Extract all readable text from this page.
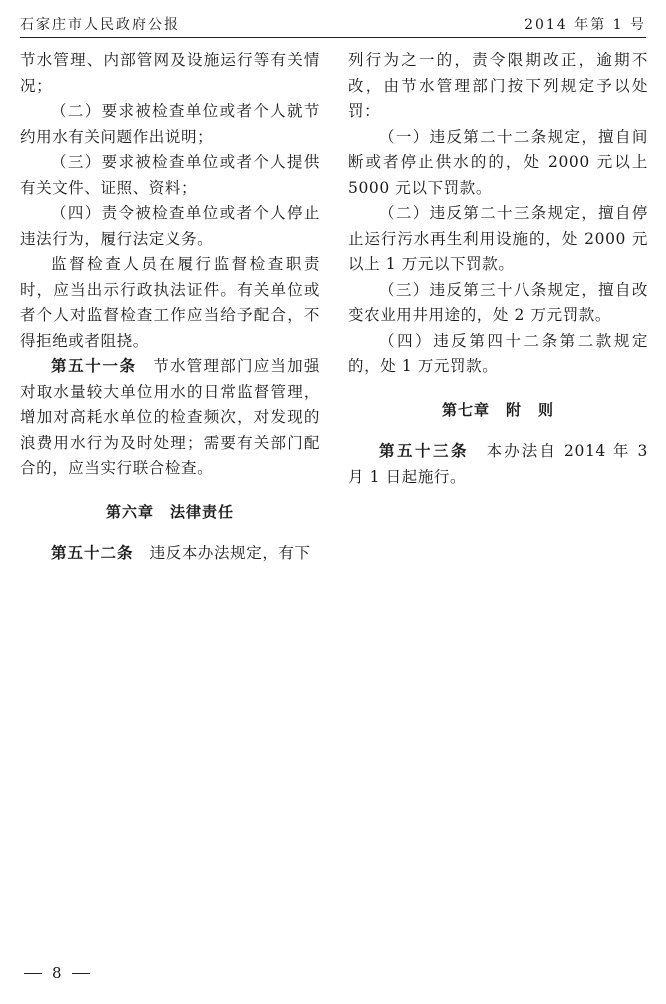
石家庄市人民政府公报	2014 年第 1 号

节水管理、内部管网及设施运行等有关情况；

（二）要求被检查单位或者个人就节约用水有关问题作出说明；

（三）要求被检查单位或者个人提供有关文件、证照、资料；

（四）责令被检查单位或者个人停止违法行为，履行法定义务。

监督检查人员在履行监督检查职责时，应当出示行政执法证件。有关单位或者个人对监督检查工作应当给予配合，不得拒绝或者阻挠。

第五十一条　 节水管理部门应当加强对取水量较大单位用水的日常监督管理，增加对高耗水单位的检查频次，对发现的浪费用水行为及时处理；需要有关部门配合的，应当实行联合检查。

第六章 法律责任

第五十二条　 违反本办法规定，有下

列行为之一的，责令限期改正，逾期不改，由节水管理部门按下列规定予以处罚：

（一）违反第二十二条规定，擅自间断或者停止供水的的，处 2000 元以上 5000 元以下罚款。

（二）违反第二十三条规定，擅自停止运行污水再生利用设施的，处 2000 元以上 1 万元以下罚款。

（三）违反第三十八条规定，擅自改变农业用井用途的，处 2 万元罚款。

（四）违反第四十二条第二款规定的，处 1 万元罚款。

第七章 附　则

第五十三条　 本办法自 2014 年 3 月 1 日起施行。

8
